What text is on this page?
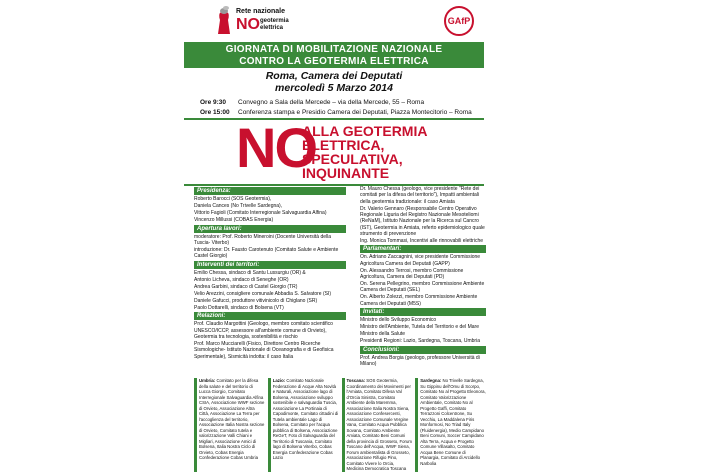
Rete nazionale
NO geotermia
elettrica
GAfP
GIORNATA DI MOBILITAZIONE NAZIONALE
CONTRO LA GEOTERMIA ELETTRICA
Roma, Camera dei Deputati
mercoledì 5 Marzo 2014
Ore 9:30	Convegno a Sala della Mercede – via della Mercede, 55 – Roma
Ore 15:00	Conferenza stampa e Presidio Camera dei Deputati, Piazza Montecitorio – Roma
NO
ALLA GEOTERMIA
ELETTRICA,
SPECULATIVA,
INQUINANTE
Presidenza:

Roberto Barocci (SOS Geotermia),

Daniela Cances (No Trivelle Sardegna),

Vittorio Fagioli (Comitato Interregionale Salvaguardia Alfina)

Vincenzo Millussi (COBAS Energia)

Apertura lavori:

moderatore: Prof. Roberto Mineroini (Docente Università della Tuscia- Viterbo)

introduzione: Dr. Fausto Carotenuto (Comitato Salute e Ambiente Castel Giorgio)

Interventi dei territori:

Emilio Chessa, sindaco di Santu Lussurgiu (OR) &

Antonio Licheva, sindaco di Seneghe (OR)

Andrea Garbini, sindaco di Castel Giorgio (TR)

Velio Arezzini, consigliere comunale Abbadia S. Salvatore (SI)

Daniele Gafucci, produttore vitivinicolo di Chiglano (SR)

Paolo Dottarelli, sindaco di Bolsena (VT)

Relazioni:

Prof. Claudio Margottini (Geologo, membro comitato scientifico UNESCO/ICCP, assessore all'ambiente comune di Orvieto), Geotermia tra tecnologia, sostenibilità e rischio

Prof. Marco Mucciarelli (Fisico, Direttore Centro Ricerche Sismologiche- Istituto Nazionale di Oceanografia e di Geofisica Sperimentale), Sismicità indotta: il caso Italia

Dr. Mauro Chessa (geologo, vice presidente "Rete dei comitati per la difesa del territorio"), Impatti ambientali della geotermia tradizionale: il caso Amiata

Dr. Valerio Gennaro (Responsabile Centro Operativo Regionale Liguria del Registro Nazionale Mesoteliomi (ReNaM), Istituto Nazionale per la Ricerca sul Cancro (IST), Geotermia in Amiata, referto epidemiologico quale strumento di prevenzione

Ing. Monica Tommasi, Incentivi alle rinnovabili elettriche

Parlamentari:

On. Adriano Zaccagnini, vice presidente Commissione Agricoltura Camera dei Deputati (GAPP)

On. Alessandro Terrosi, membro Commissione Agricoltura, Camera dei Deputati (PD)

On. Serena Pellegrino, membro Commissione Ambiente Camera dei Deputati (SEL)

On. Alberto Zolezzi, membro Commissione Ambiente Camera dei Deputati (M5S)

Invitati:

Ministro dello Sviluppo Economico

Ministro dell'Ambiente, Tutela del Territorio e del Mare

Ministro della Salute

Presidenti Regioni: Lazio, Sardegna, Toscana, Umbria

Conclusioni:

Prof. Andrea Borgia (geologo, professore Università di Milano)

Umbria: Comitato per la difesa della salute e del territorio di Lucca Giorgio, Comitato Interregionale Salvaguardia Alfina CSIA, Associazione WWF sezione di Orvieto, Associazione Altra Città, Associazione La Terra per l'accoglienza del territorio, Associazione Italia Nostra sezione di Orvieto, Comitato tutela e valorizzazione Valli Chiani e Migliari, Associazione Amici di Bolsena, Italia Nostra Ciclo di Orvieto, Cobas Energia Confederazione Cobas Umbria
Lazio: Comitato Nazionale Federazione di Acque Alta Novità e Naturali, Associazione lago di Bolsena, Associazione sviluppo sostenibile e salvaguardia Tuscia, Associazione La Portinaia di Capodimonte, Comitato cittadini di Tutela ambientale Lago di Bolsena, Comitato per l'acqua pubblica di Bolsena, Associazione ReGeT, Foto di Salvaguardia del Territorio di Tuscania, Comitato lago di Bolsena Viterbo, Cobas Energia Confederazione Cobas Lazio
Toscana: SOS Geotermia, Coordinamento dei Movimenti per l'Amiata, Comitato Difesa Val d'Orcia Sinistra, Comitato Ambiente della Maremma, Associazione Italia Nostra Siena, Associazione Confesercenti, Associazione Comunale Vergine Vana, Comitato Acqua Pubblica Sovana, Comitato Ambiente Amiata, Comitato Beni Comuni della provincia di Grosseto, Forum Toscano dell'Acqua, WWF Siena, Forum ambientalista di Grosseto, Associazione Rifugio Pino, Comitato Vivere lo Orcia, Medicina Democratica Toscana
Sardegna: No Trivelle Sardegna, Su Gippinu dell'Omu di Scorpo, Comitato No al Progetto Eleonora, Comitato Valorizzazione Ambientale, Comitato No al Progetto Gaffi, Comitato Terrazzoni Colcentrone, Su Vecchiu, La Maddalena Firis Monformosi, No Triad Italy (Fluidenergia), Medio Campidano Beni Comuni, Soccer Campidano Alta Terra, Acqua e Progetto Comune Villasalto, Comitato Acqua Bene Comune di Planargia, Comitato di Arcidello Narbolia
